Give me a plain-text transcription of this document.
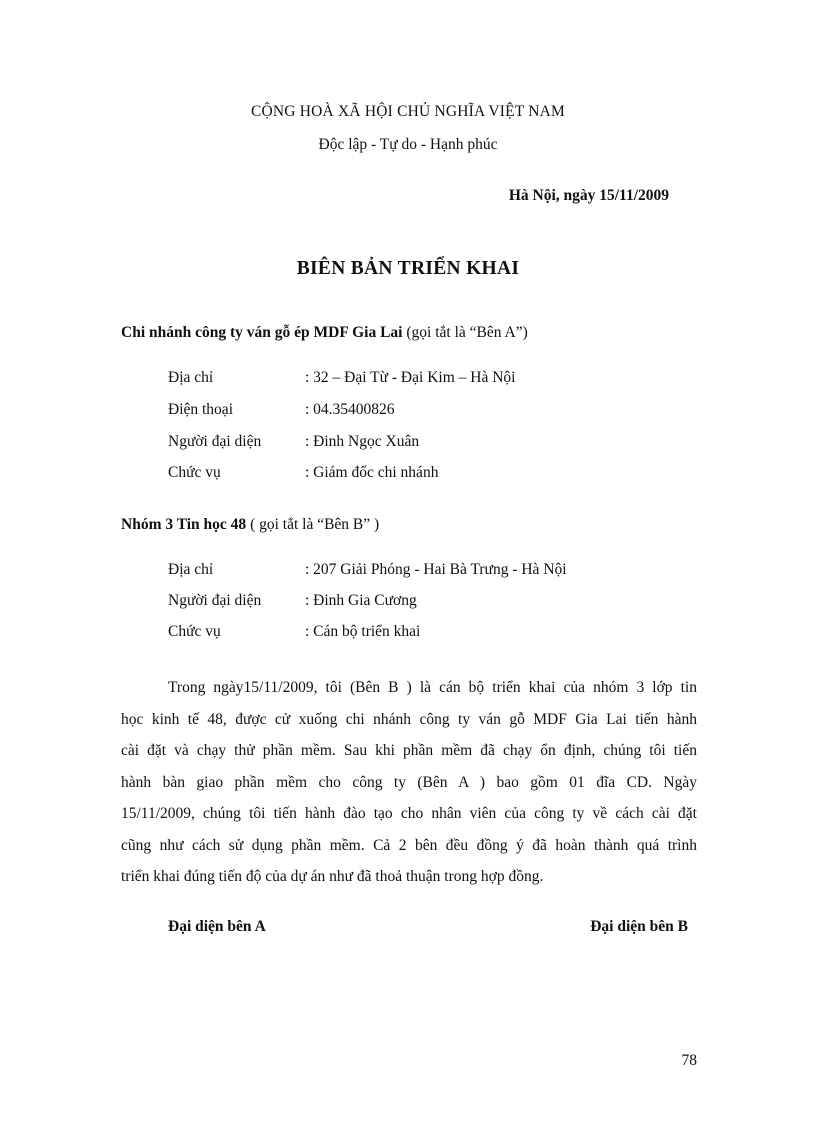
CỘNG HOÀ XÃ HỘI CHỦ NGHĨA VIỆT NAM
Độc lập - Tự do - Hạnh phúc
Hà Nội, ngày 15/11/2009
BIÊN BẢN TRIỂN KHAI
Chi nhánh công ty ván gỗ ép MDF Gia Lai (gọi tắt là “Bên A”)
Địa chỉ	: 32 – Đại Từ - Đại Kim – Hà Nội
Điện thoại	: 04.35400826
Người đại diện	: Đinh Ngọc Xuân
Chức vụ	: Giám đốc chi nhánh
Nhóm 3 Tin học 48 ( gọi tắt là “Bên B” )
Địa chỉ	: 207 Giải Phóng - Hai Bà Trưng - Hà Nội
Người đại diện	: Đinh Gia Cương
Chức vụ	: Cán bộ triển khai
Trong ngày15/11/2009, tôi (Bên B ) là cán bộ triển khai của nhóm 3 lớp tin
học kinh tế 48, được cử xuống chi nhánh công ty ván gỗ MDF Gia Lai tiến hành
cài đặt và chạy thử phần mềm. Sau khi phần mềm đã chạy ổn định, chúng tôi tiến
hành bàn giao phần mềm cho công ty (Bên A ) bao gồm 01 đĩa CD. Ngày
15/11/2009, chúng tôi tiến hành đào tạo cho nhân viên của công ty về cách cài đặt
cũng như cách sử dụng phần mềm. Cả 2 bên đều đồng ý đã hoàn thành quá trình
triển khai đúng tiến độ của dự án như đã thoả thuận trong hợp đồng.
Đại diện bên A	Đại diện bên B
78
